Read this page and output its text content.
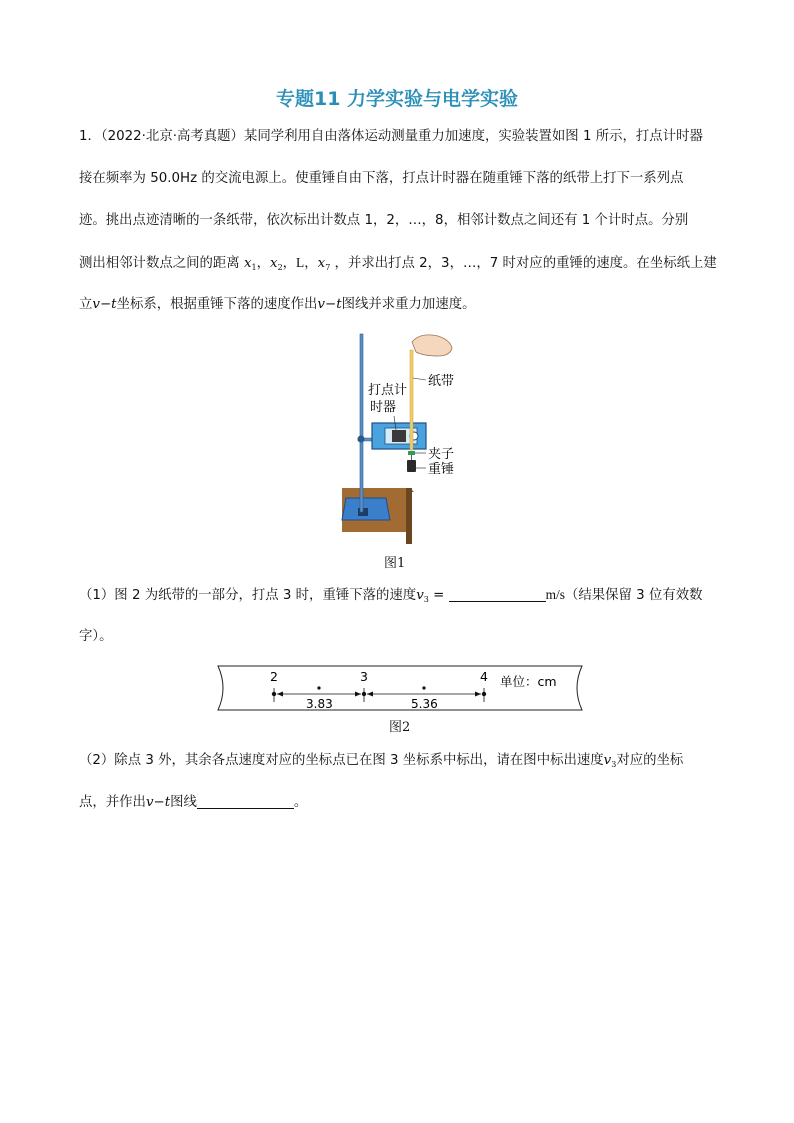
专题11 力学实验与电学实验
1．（2022·北京·高考真题）某同学利用自由落体运动测量重力加速度，实验装置如图 1 所示，打点计时器
接在频率为 50.0Hz 的交流电源上。使重锤自由下落，打点计时器在随重锤下落的纸带上打下一系列点
迹。挑出点迹清晰的一条纸带，依次标出计数点 1，2，…，8，相邻计数点之间还有 1 个计时点。分别
测出相邻计数点之间的距离 $x_1$，$x_2$，L，$x_7$ ，并求出打点 2，3，…，7 时对应的重锤的速度。在坐标纸上建
立v−t坐标系，根据重锤下落的速度作出v−t图线并求重力加速度。
纸带
打点计
时器
夹子
重锤
图1
（1）图 2 为纸带的一部分，打点 3 时，重锤下落的速度$v_3$ =	m/s（结果保留 3 位有效数
字）。
2	3	4
3.83	5.36
单位：cm
图2
（2）除点 3 外，其余各点速度对应的坐标点已在图 3 坐标系中标出，请在图中标出速度$v_3$对应的坐标
点，并作出v−t图线	。
